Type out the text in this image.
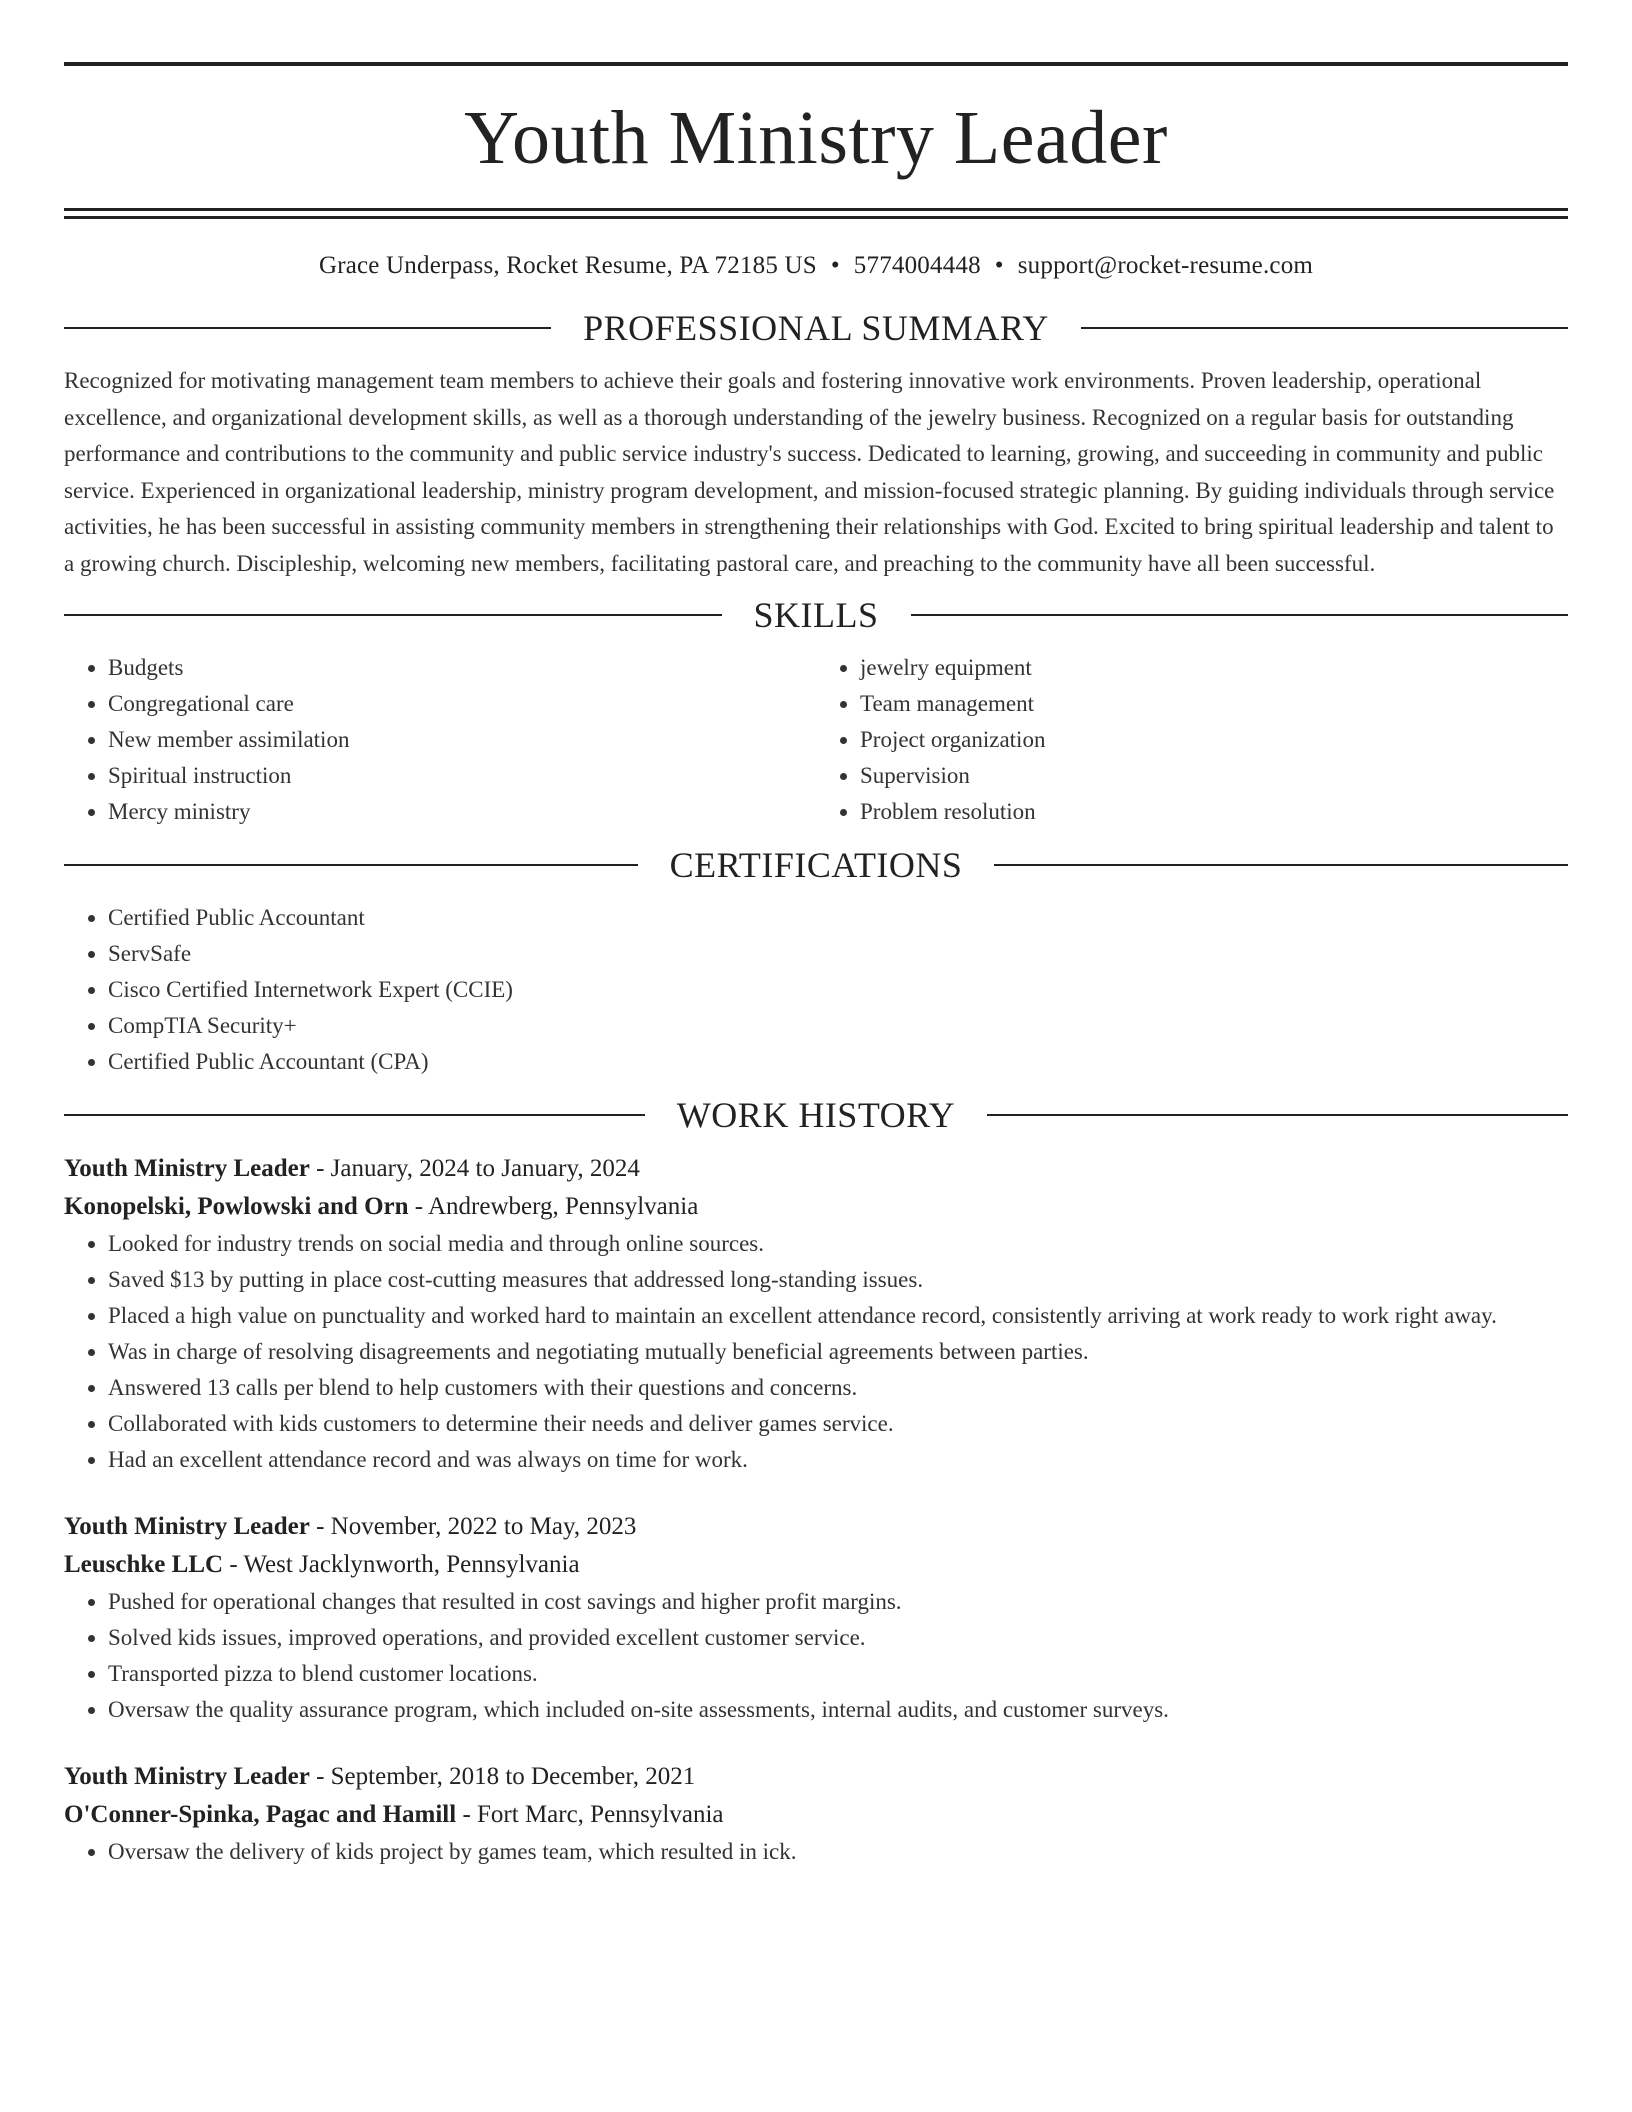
Youth Ministry Leader
Grace Underpass, Rocket Resume, PA 72185 US • 5774004448 • support@rocket-resume.com
PROFESSIONAL SUMMARY

Recognized for motivating management team members to achieve their goals and fostering innovative work environments. Proven leadership, operational excellence, and organizational development skills, as well as a thorough understanding of the jewelry business. Recognized on a regular basis for outstanding performance and contributions to the community and public service industry's success. Dedicated to learning, growing, and succeeding in community and public service. Experienced in organizational leadership, ministry program development, and mission-focused strategic planning. By guiding individuals through service activities, he has been successful in assisting community members in strengthening their relationships with God. Excited to bring spiritual leadership and talent to a growing church. Discipleship, welcoming new members, facilitating pastoral care, and preaching to the community have all been successful.

SKILLS
• Budgets
• Congregational care
• New member assimilation
• Spiritual instruction
• Mercy ministry
• jewelry equipment
• Team management
• Project organization
• Supervision
• Problem resolution
CERTIFICATIONS
• Certified Public Accountant
• ServSafe
• Cisco Certified Internetwork Expert (CCIE)
• CompTIA Security+
• Certified Public Accountant (CPA)
WORK HISTORY
Youth Ministry Leader - January, 2024 to January, 2024
Konopelski, Powlowski and Orn - Andrewberg, Pennsylvania
• Looked for industry trends on social media and through online sources.
• Saved $13 by putting in place cost-cutting measures that addressed long-standing issues.
• Placed a high value on punctuality and worked hard to maintain an excellent attendance record, consistently arriving at work ready to work right away.
• Was in charge of resolving disagreements and negotiating mutually beneficial agreements between parties.
• Answered 13 calls per blend to help customers with their questions and concerns.
• Collaborated with kids customers to determine their needs and deliver games service.
• Had an excellent attendance record and was always on time for work.
Youth Ministry Leader - November, 2022 to May, 2023
Leuschke LLC - West Jacklynworth, Pennsylvania
• Pushed for operational changes that resulted in cost savings and higher profit margins.
• Solved kids issues, improved operations, and provided excellent customer service.
• Transported pizza to blend customer locations.
• Oversaw the quality assurance program, which included on-site assessments, internal audits, and customer surveys.
Youth Ministry Leader - September, 2018 to December, 2021
O'Conner-Spinka, Pagac and Hamill - Fort Marc, Pennsylvania
• Oversaw the delivery of kids project by games team, which resulted in ick.
